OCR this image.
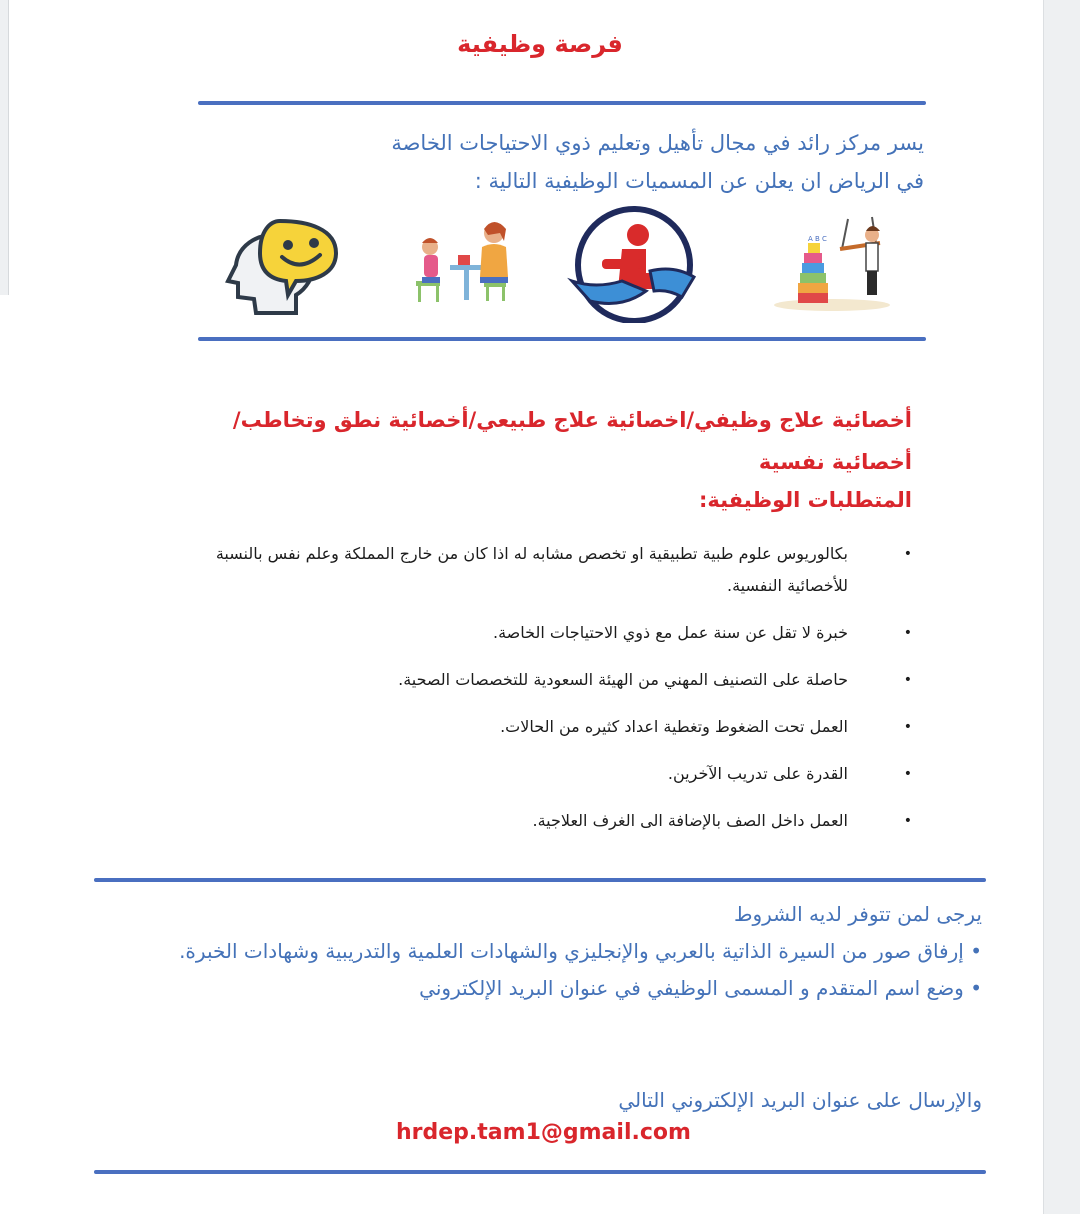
فرصة وظيفية
يسر مركز رائد في مجال تأهيل وتعليم ذوي الاحتياجات الخاصة
في الرياض ان يعلن عن المسميات الوظيفية التالية :
A B C
أخصائية علاج وظيفي/اخصائية علاج طبيعي/أخصائية نطق وتخاطب/أخصائية نفسية
المتطلبات الوظيفية:
•
بكالوريوس علوم طبية تطبيقية او تخصص مشابه له اذا كان من خارج المملكة وعلم نفس بالنسبة للأخصائية النفسية.
•
خبرة لا تقل عن سنة عمل مع ذوي الاحتياجات الخاصة.
•
حاصلة على التصنيف المهني من الهيئة السعودية للتخصصات الصحية.
•
العمل تحت الضغوط وتغطية اعداد كثيره من الحالات.
•
القدرة على تدريب الآخرين.
•
العمل داخل الصف بالإضافة الى الغرف العلاجية.
يرجى لمن تتوفر لديه الشروط
• إرفاق صور من السيرة الذاتية بالعربي والإنجليزي والشهادات العلمية والتدريبية وشهادات الخبرة.
• وضع اسم المتقدم و المسمى الوظيفي في عنوان البريد الإلكتروني
والإرسال على عنوان البريد الإلكتروني التالي
hrdep.tam1@gmail.com
